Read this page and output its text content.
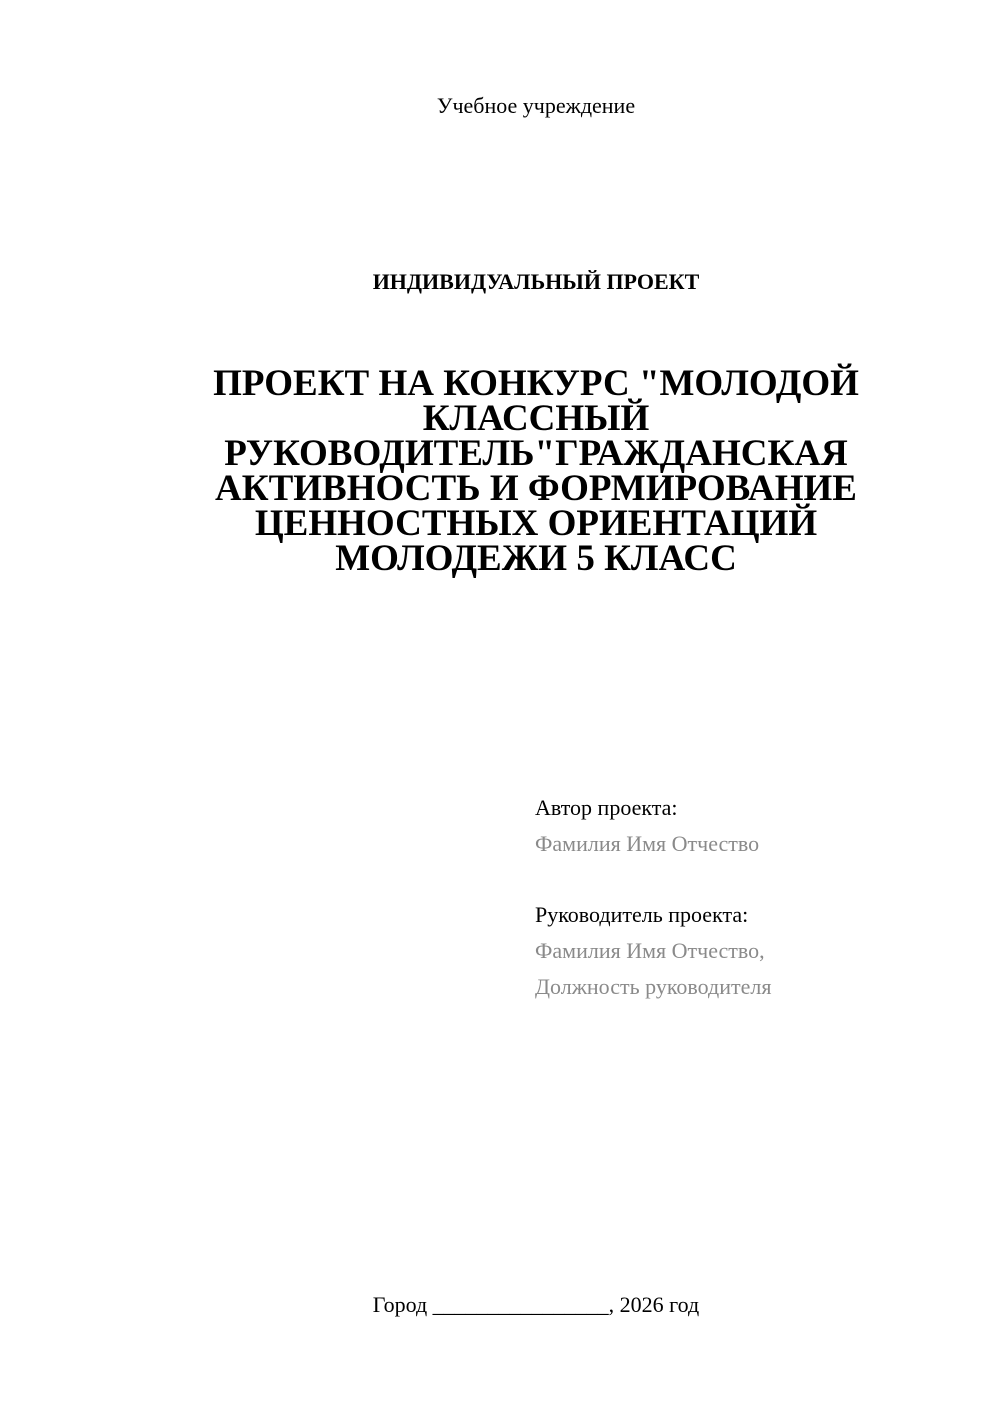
Учебное учреждение
ИНДИВИДУАЛЬНЫЙ ПРОЕКТ
ПРОЕКТ НА КОНКУРС "МОЛОДОЙ КЛАССНЫЙ РУКОВОДИТЕЛЬ"ГРАЖДАНСКАЯ АКТИВНОСТЬ И ФОРМИРОВАНИЕ ЦЕННОСТНЫХ ОРИЕНТАЦИЙ МОЛОДЕЖИ 5 КЛАСС
Автор проекта:
Фамилия Имя Отчество
Руководитель проекта:
Фамилия Имя Отчество,
Должность руководителя
Город ________________, 2026 год
